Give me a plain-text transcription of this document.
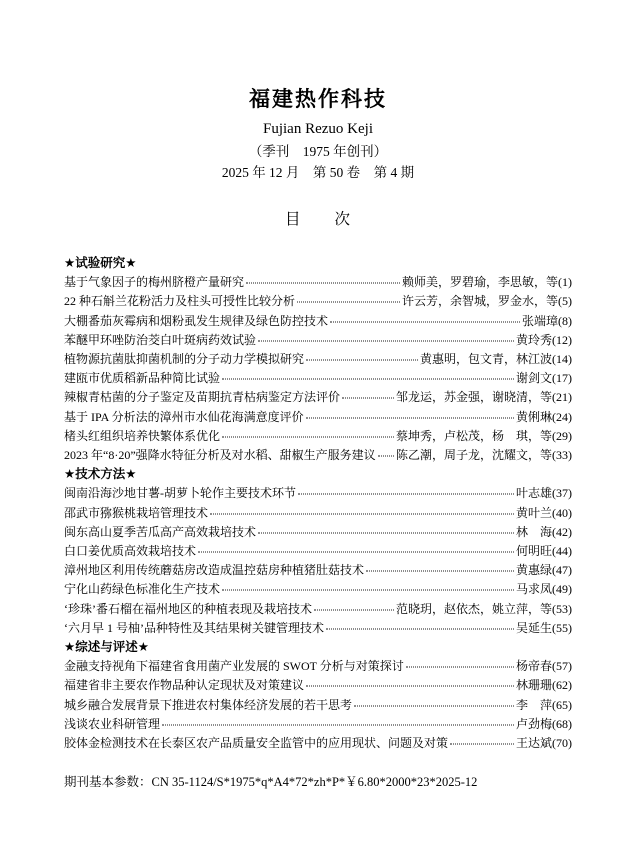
福建热作科技
Fujian Rezuo Keji
（季刊　1975 年创刊）
2025 年 12 月　第 50 卷　第 4 期
目　　次
★试验研究★
基于气象因子的梅州脐橙产量研究	赖师美，罗碧瑜，李思敏，等 (1)
22 种石斛兰花粉活力及柱头可授性比较分析	许云芳，余智城，罗金水，等 (5)
大棚番茄灰霉病和烟粉虱发生规律及绿色防控技术	张端璋 (8)
苯醚甲环唑防治茭白叶斑病药效试验	黄玲秀 (12)
植物源抗菌肽抑菌机制的分子动力学模拟研究	黄惠明，包文青，林江波 (14)
建瓯市优质稻新品种简比试验	谢剑文 (17)
辣椒青枯菌的分子鉴定及苗期抗青枯病鉴定方法评价	邹龙运，苏金强，谢晓清，等 (21)
基于 IPA 分析法的漳州市水仙花海满意度评价	黄俐琳 (24)
楮头红组织培养快繁体系优化	蔡坤秀，卢松茂，杨　琪，等 (29)
2023 年“8·20”强降水特征分析及对水稻、甜椒生产服务建议 陈乙潮，周子龙，沈耀文，等 (33)
★技术方法★
闽南沿海沙地甘薯-胡萝卜轮作主要技术环节	叶志雄 (37)
邵武市猕猴桃栽培管理技术	黄叶兰 (40)
闽东高山夏季苦瓜高产高效栽培技术	林　海 (42)
白口姜优质高效栽培技术	何明旺 (44)
漳州地区利用传统蘑菇房改造成温控菇房种植猪肚菇技术	黄惠绿 (47)
宁化山药绿色标准化生产技术	马求凤 (49)
‘珍珠’番石榴在福州地区的种植表现及栽培技术	范晓玥，赵依杰，姚立萍，等 (53)
‘六月早 1 号柚’品种特性及其结果树关键管理技术	吴延生 (55)
★综述与评述★
金融支持视角下福建省食用菌产业发展的 SWOT 分析与对策探讨	杨帝春 (57)
福建省非主要农作物品种认定现状及对策建议	林珊珊 (62)
城乡融合发展背景下推进农村集体经济发展的若干思考	李　萍 (65)
浅谈农业科研管理	卢劲梅 (68)
胶体金检测技术在长泰区农产品质量安全监管中的应用现状、问题及对策	王达斌 (70)
期刊基本参数：CN 35-1124/S*1975*q*A4*72*zh*P*￥6.80*2000*23*2025-12
